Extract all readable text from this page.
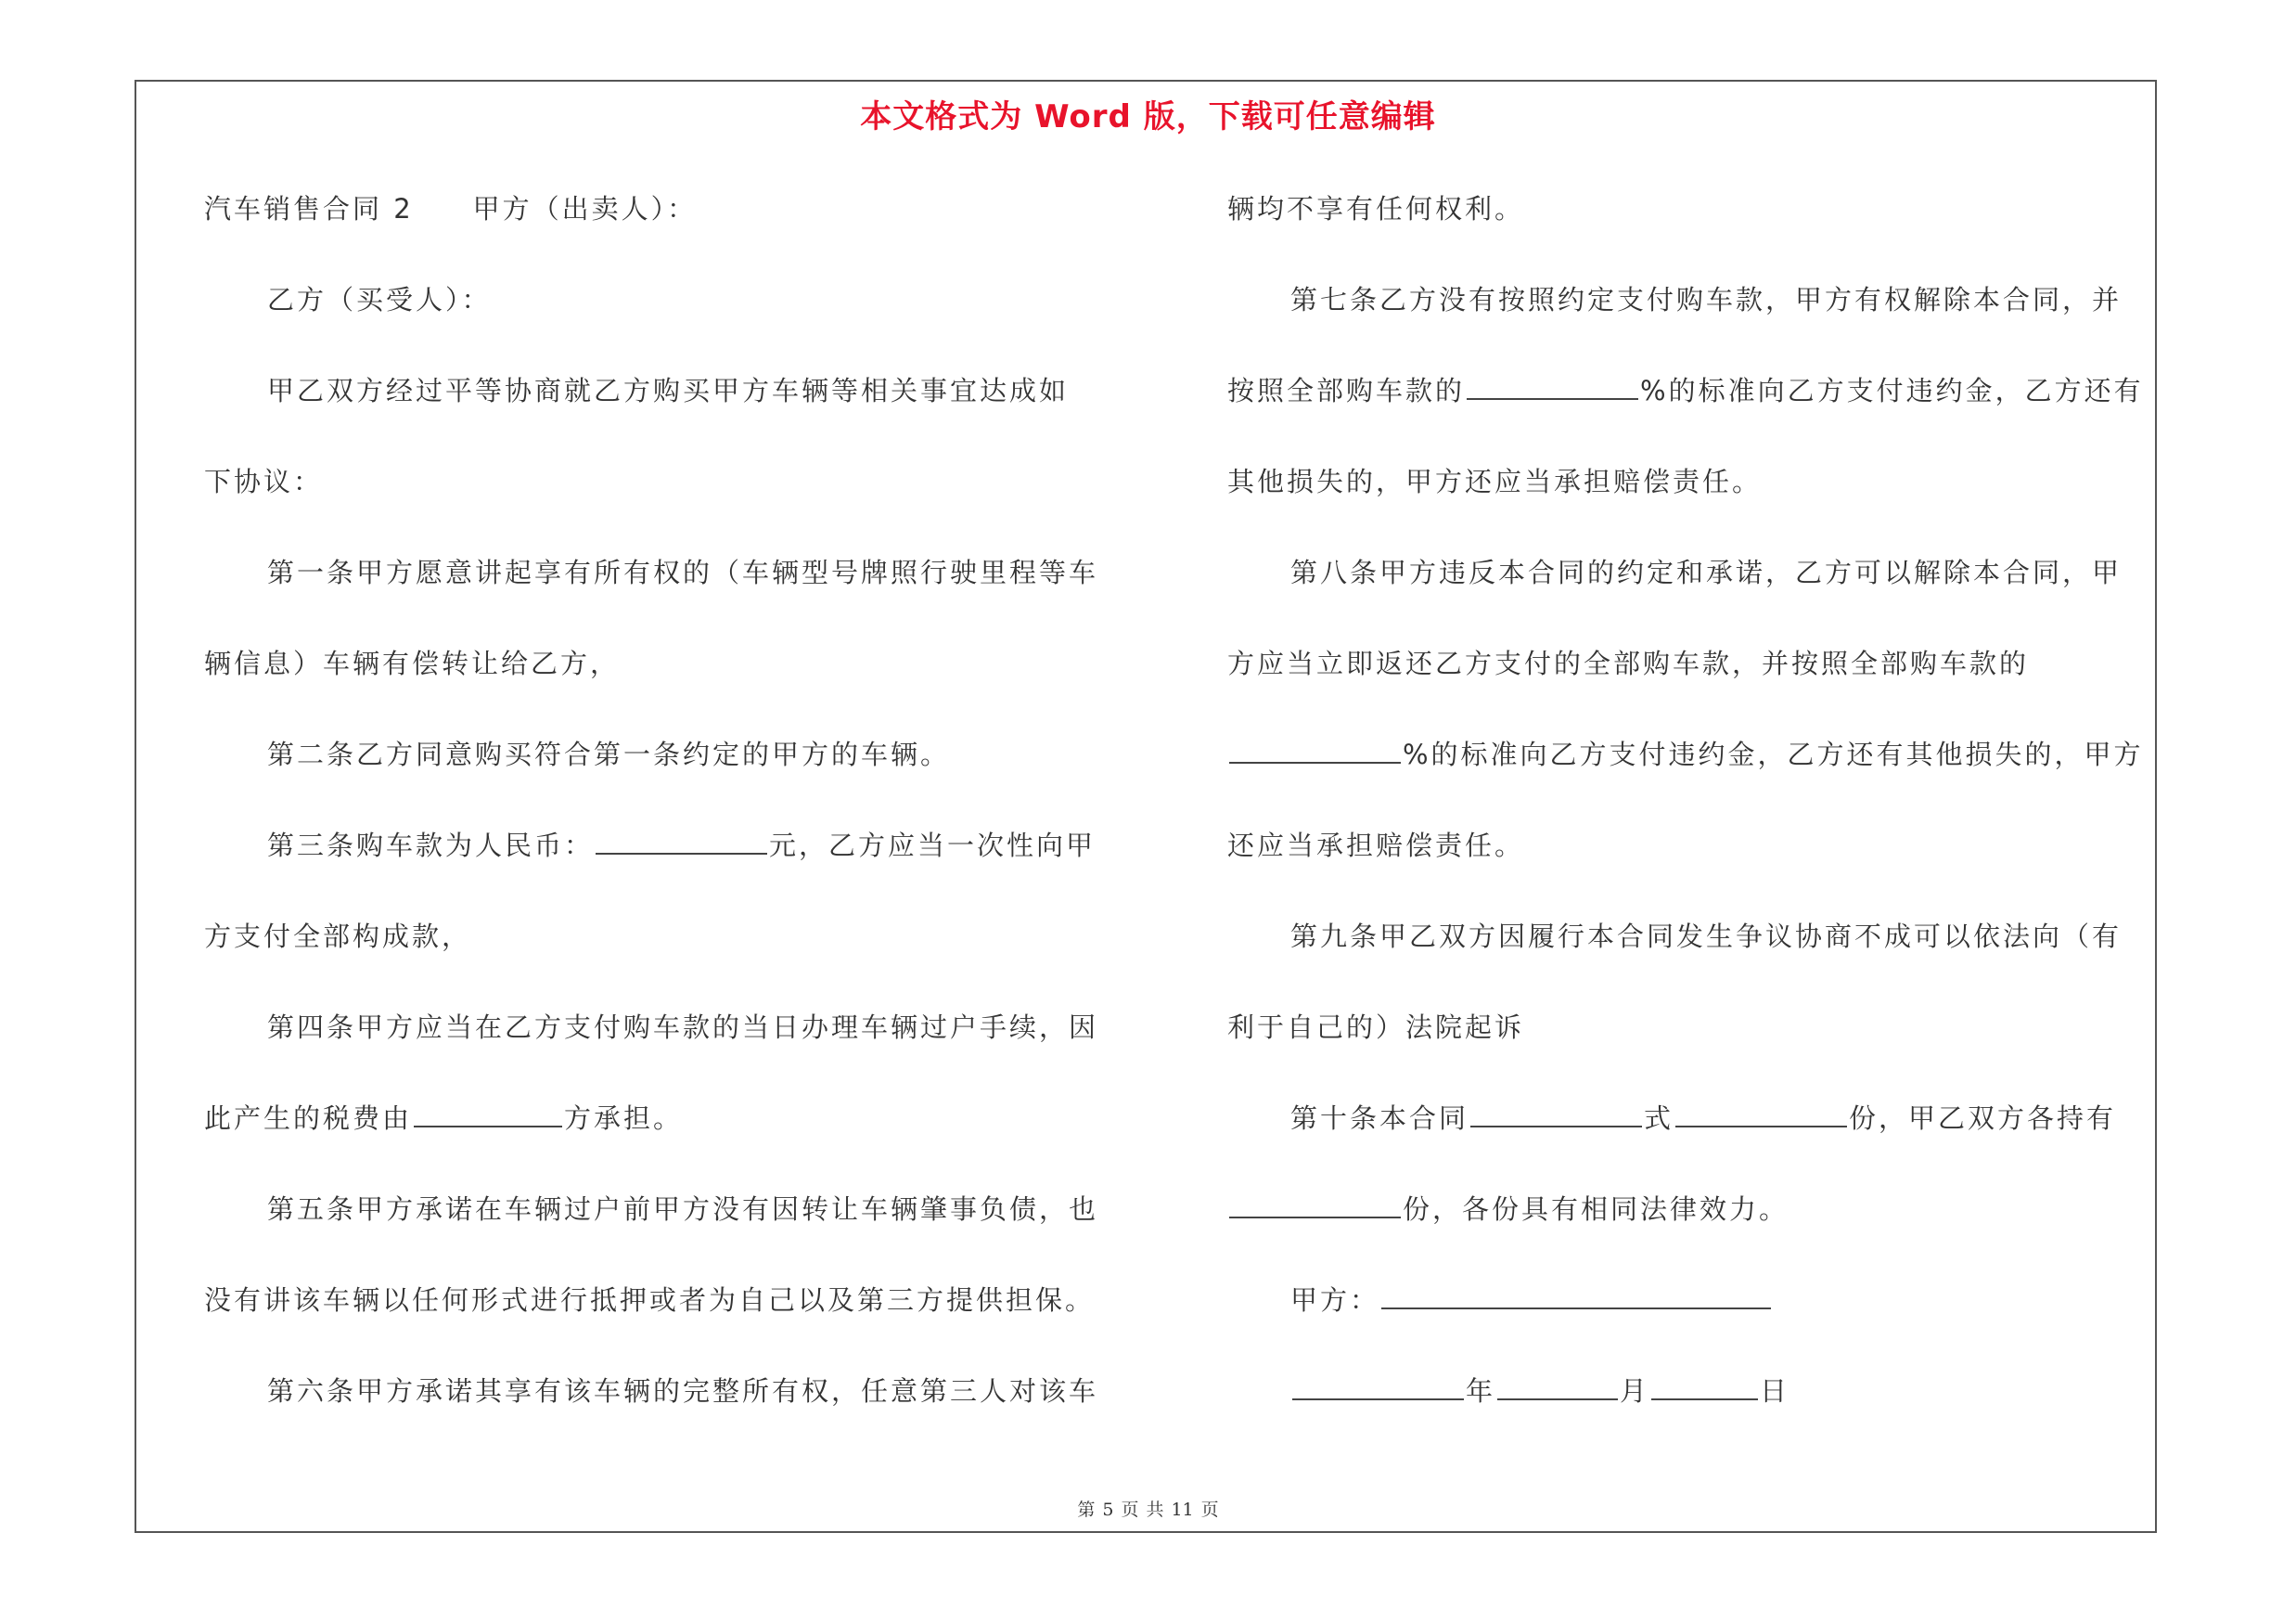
本文格式为 Word 版，下载可任意编辑
汽车销售合同 2　　甲方（出卖人）：
乙方（买受人）：
甲乙双方经过平等协商就乙方购买甲方车辆等相关事宜达成如
下协议：
第一条甲方愿意讲起享有所有权的（车辆型号牌照行驶里程等车
辆信息）车辆有偿转让给乙方，
第二条乙方同意购买符合第一条约定的甲方的车辆。
第三条购车款为人民币：	元，乙方应当一次性向甲
方支付全部构成款，
第四条甲方应当在乙方支付购车款的当日办理车辆过户手续，因
此产生的税费由	方承担。
第五条甲方承诺在车辆过户前甲方没有因转让车辆肇事负债，也
没有讲该车辆以任何形式进行抵押或者为自己以及第三方提供担保。
第六条甲方承诺其享有该车辆的完整所有权，任意第三人对该车
辆均不享有任何权利。
第七条乙方没有按照约定支付购车款，甲方有权解除本合同，并
按照全部购车款的	%的标准向乙方支付违约金，乙方还有
其他损失的，甲方还应当承担赔偿责任。
第八条甲方违反本合同的约定和承诺，乙方可以解除本合同，甲
方应当立即返还乙方支付的全部购车款，并按照全部购车款的
%的标准向乙方支付违约金，乙方还有其他损失的，甲方
还应当承担赔偿责任。
第九条甲乙双方因履行本合同发生争议协商不成可以依法向（有
利于自己的）法院起诉
第十条本合同	式	份，甲乙双方各持有
份，各份具有相同法律效力。
甲方：
年	月	日
第 5 页 共 11 页
